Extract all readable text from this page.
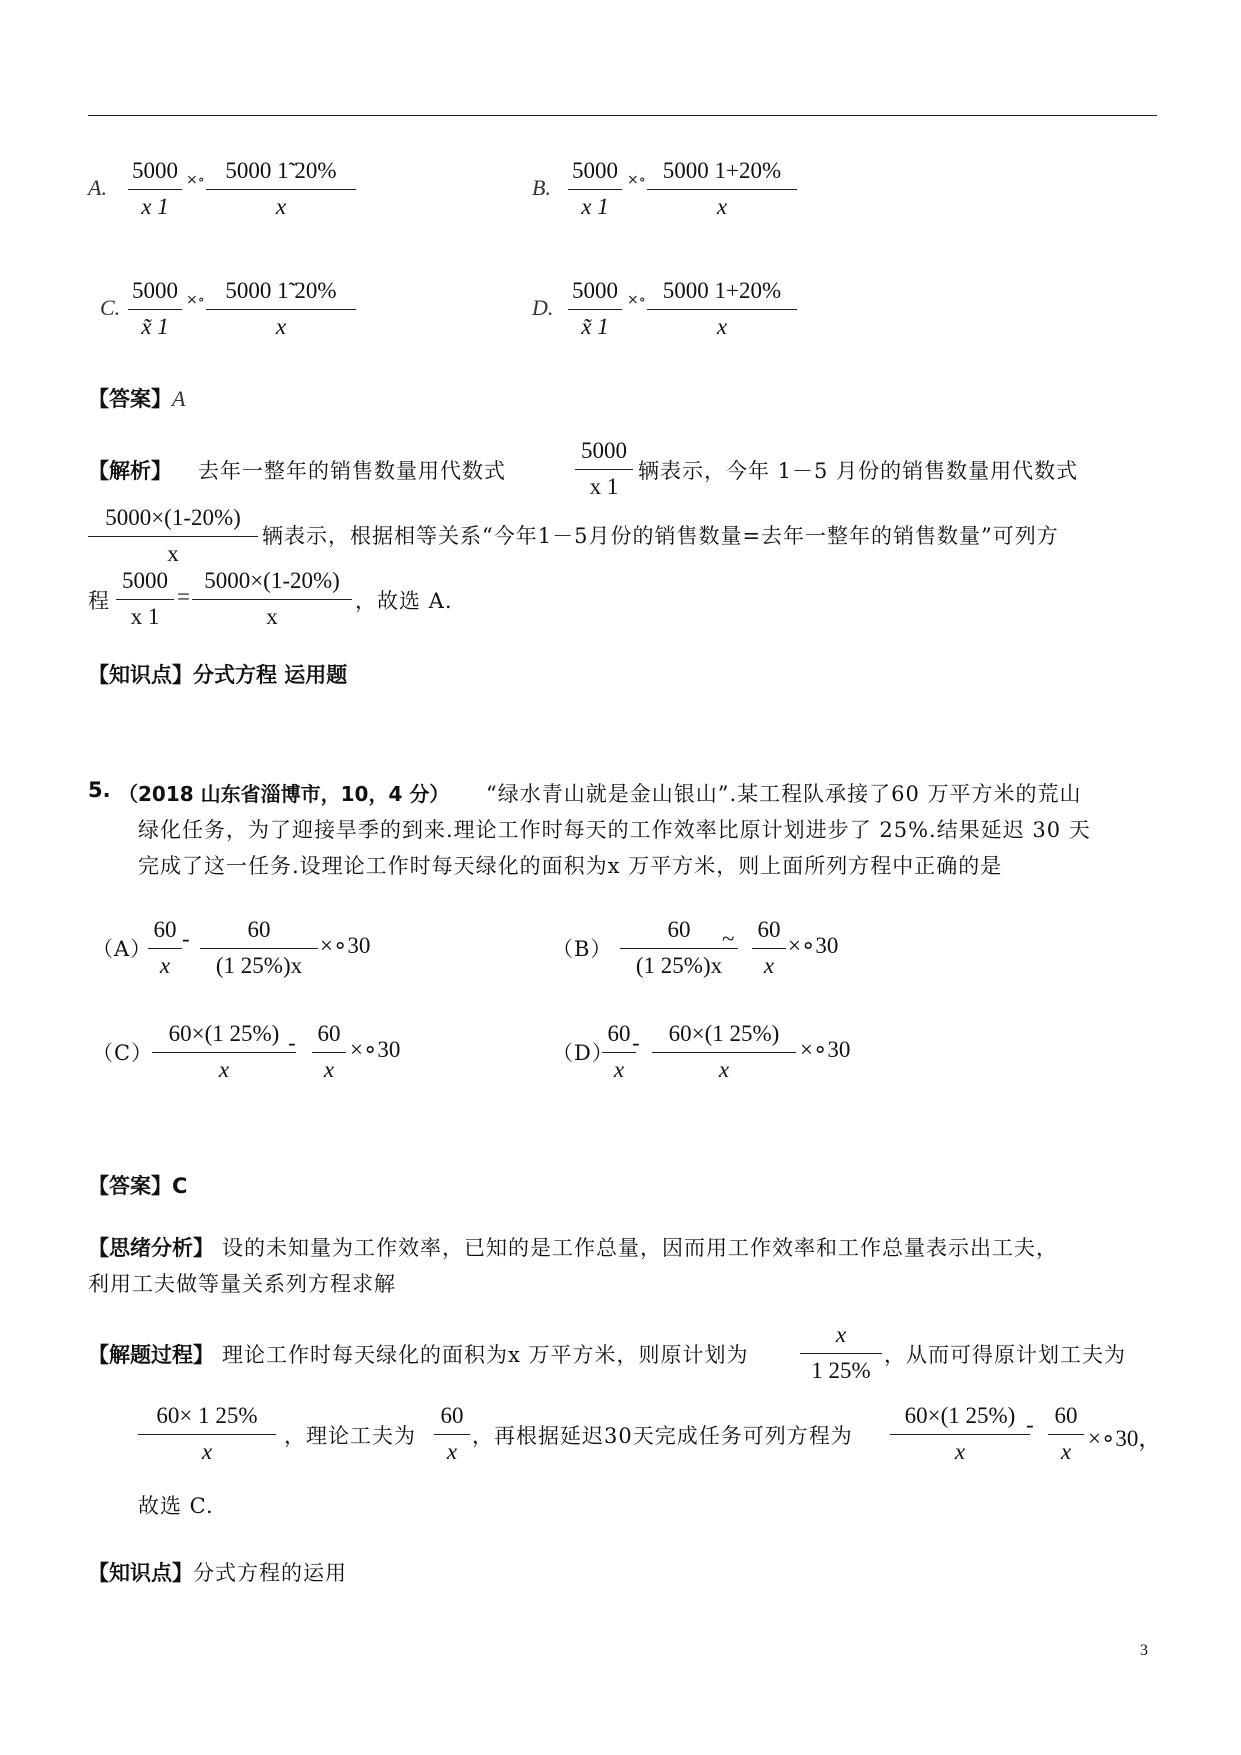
A.
5000
x 1
×∘ 5000 1̃ 20%
x
B.
5000
x 1
×∘ 5000 1+20%
x
C.
5000
x̃ 1
×∘ 5000 1̃ 20%
x
D.
5000
x̃ 1
×∘ 5000 1+20%
x
【答案】A
【解析】 去年一整年的销售数量用代数式
5000
x 1
辆表示，今年 1－5 月份的销售数量用代数式
5000×(1-20%)
x
辆表示，根据相等关系“今年1－5月份的销售数量=去年一整年的销售数量”可列方
程
5000
x 1
=
5000×(1-20%)
x
，故选 A.
【知识点】分式方程 运用题
5. （2018 山东省淄博市，10，4 分） “绿水青山就是金山银山”.某工程队承接了60 万平方米的荒山
绿化任务，为了迎接旱季的到来.理论工作时每天的工作效率比原计划进步了 25%.结果延迟 30 天
完成了这一任务.设理论工作时每天绿化的面积为x 万平方米，则上面所列方程中正确的是
（A）
60
x
-	60
(1 25%)x
×∘30	（B）
60
(1 25%)x
~ 60
x
×∘30
（C）
60×(1 25%)
x
- 60
x
×∘30	（D）
60
x
-	60×(1 25%)
x
×∘30
【答案】C
【思绪分析】 设的未知量为工作效率，已知的是工作总量，因而用工作效率和工作总量表示出工夫，
利用工夫做等量关系列方程求解
【解题过程】 理论工作时每天绿化的面积为x 万平方米，则原计划为
x
1 25%
，从而可得原计划工夫为
60× 1 25%
x
，理论工夫为
60
x
，再根据延迟30天完成任务可列方程为
60×(1 25%)
x
- 60
x
×∘30，
故选 C.
【知识点】分式方程的运用
3
